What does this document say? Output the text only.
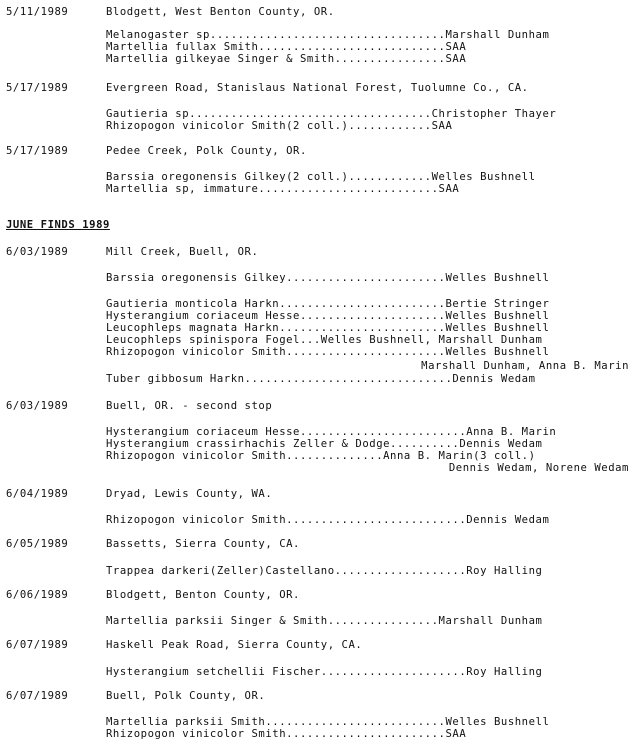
5/11/1989	Blodgett, West Benton County, OR.
Melanogaster sp..................................Marshall Dunham
Martellia fullax Smith...........................SAA
Martellia gilkeyae Singer & Smith................SAA
5/17/1989	Evergreen Road, Stanislaus National Forest, Tuolumne Co., CA.
Gautieria sp...................................Christopher Thayer
Rhizopogon vinicolor Smith(2 coll.)............SAA
5/17/1989	Pedee Creek, Polk County, OR.
Barssia oregonensis Gilkey(2 coll.)............Welles Bushnell
Martellia sp, immature..........................SAA
JUNE FINDS 1989
6/03/1989	Mill Creek, Buell, OR.
Barssia oregonensis Gilkey.......................Welles Bushnell
Gautieria monticola Harkn........................Bertie Stringer
Hysterangium coriaceum Hesse.....................Welles Bushnell
Leucophleps magnata Harkn........................Welles Bushnell
Leucophleps spinispora Fogel...Welles Bushnell, Marshall Dunham
Rhizopogon vinicolor Smith.......................Welles Bushnell
Marshall Dunham, Anna B. Marin
Tuber gibbosum Harkn..............................Dennis Wedam
6/03/1989	Buell, OR. - second stop
Hysterangium coriaceum Hesse........................Anna B. Marin
Hysterangium crassirhachis Zeller & Dodge..........Dennis Wedam
Rhizopogon vinicolor Smith..............Anna B. Marin(3 coll.)
Dennis Wedam, Norene Wedam
6/04/1989	Dryad, Lewis County, WA.
Rhizopogon vinicolor Smith..........................Dennis Wedam
6/05/1989	Bassetts, Sierra County, CA.
Trappea darkeri(Zeller)Castellano...................Roy Halling
6/06/1989	Blodgett, Benton County, OR.
Martellia parksii Singer & Smith................Marshall Dunham
6/07/1989	Haskell Peak Road, Sierra County, CA.
Hysterangium setchellii Fischer.....................Roy Halling
6/07/1989	Buell, Polk County, OR.
Martellia parksii Smith..........................Welles Bushnell
Rhizopogon vinicolor Smith.......................SAA
